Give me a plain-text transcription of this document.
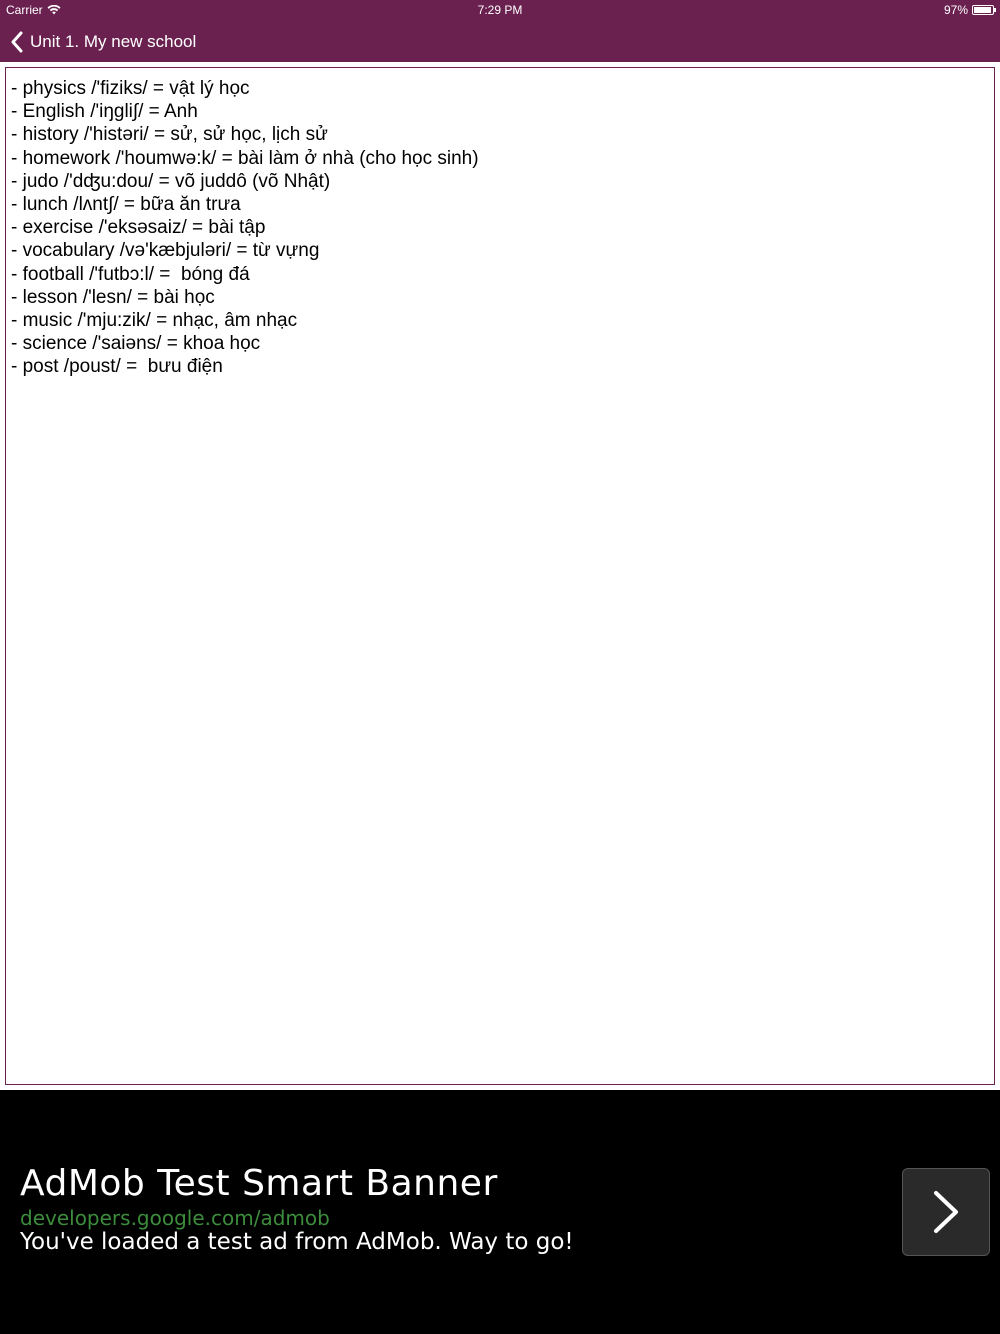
Carrier	7:29 PM	97%
Unit 1. My new school
- physics /'fiziks/ = vật lý học
- English /'iŋgli∫/ = Anh
- history /'histəri/ = sử, sử học, lịch sử
- homework /'houmwə:k/ = bài làm ở nhà (cho học sinh)
- judo /'dʤu:dou/ = võ juddô (võ Nhật)
- lunch /lʌnt∫/ = bữa ăn trưa
- exercise /'eksəsaiz/ = bài tập
- vocabulary /və'kæbjuləri/ = từ vựng
- football /'futbɔ:l/ =  bóng đá
- lesson /'lesn/ = bài học
- music /'mju:zik/ = nhạc, âm nhạc
- science /'saiəns/ = khoa học
- post /poust/ =  bưu điện
AdMob Test Smart Banner
developers.google.com/admob
You've loaded a test ad from AdMob. Way to go!
